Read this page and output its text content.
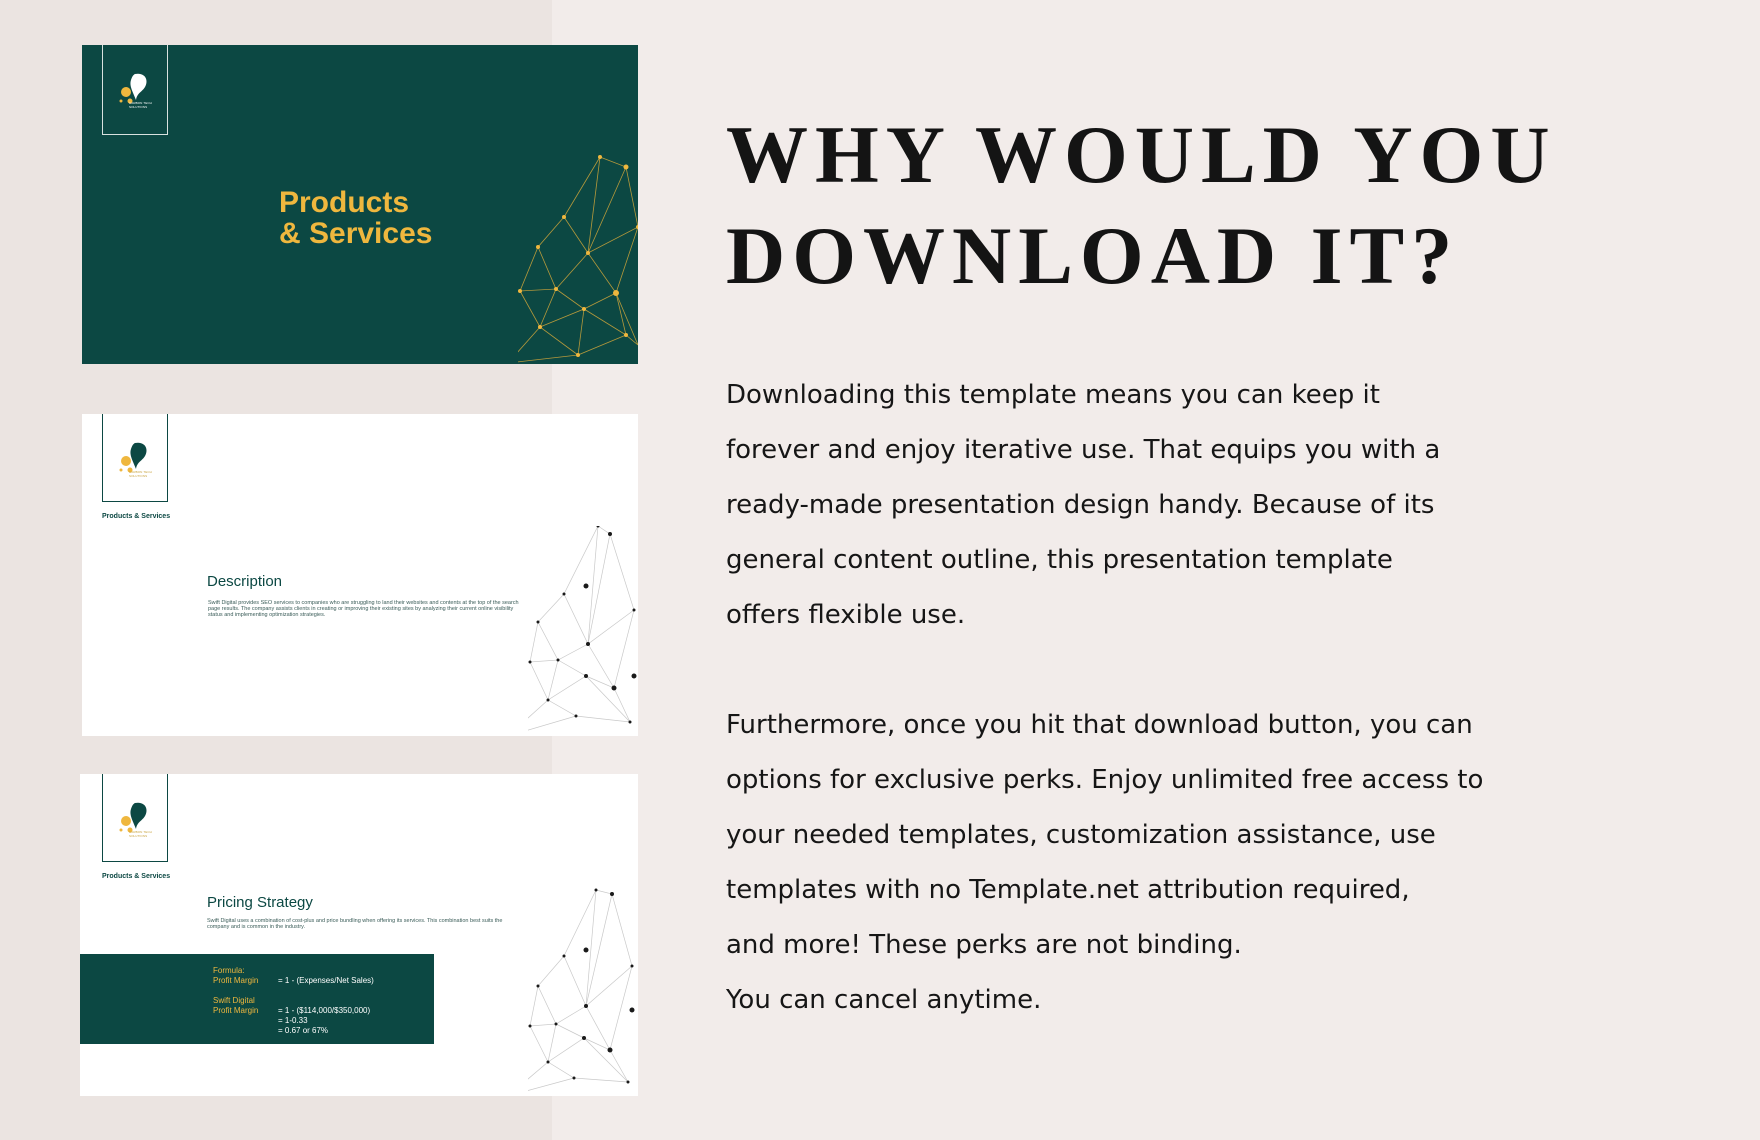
CARBON TECH SOLUTIONS
Products
& Services
CARBON TECH SOLUTIONS
Products & Services
Description
Swift Digital provides SEO services to companies who are struggling to land their websites and contents at the top of the search page results. The company assists clients in creating or improving their existing sites by analyzing their current online visibility status and implementing optimization strategies.
CARBON TECH SOLUTIONS
Products & Services
Pricing Strategy
Swift Digital uses a combination of cost-plus and price bundling when offering its services. This combination best suits the company and is common in the industry.
Formula:
Profit Margin = 1 - (Expenses/Net Sales)
Swift Digital
Profit Margin = 1 - ($114,000/$350,000)
= 1-0.33
= 0.67 or 67%
WHY WOULD YOU DOWNLOAD IT?

Downloading this template means you can keep it
forever and enjoy iterative use. That equips you with a
ready-made presentation design handy. Because of its
general content outline, this presentation template
offers flexible use.

Furthermore, once you hit that download button, you can
options for exclusive perks. Enjoy unlimited free access to
your needed templates, customization assistance, use
templates with no Template.net attribution required,
and more! These perks are not binding.
You can cancel anytime.
